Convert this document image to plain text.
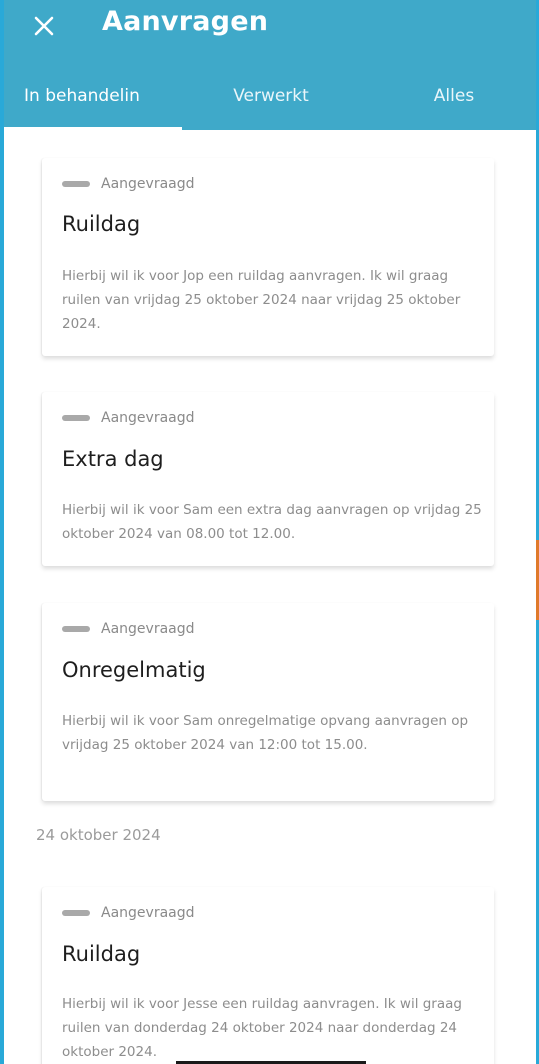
Aanvragen
In behandelin	Verwerkt	Alles
Aangevraagd
Ruildag
Hierbij wil ik voor Jop een ruildag aanvragen. Ik wil graag ruilen van vrijdag 25 oktober 2024 naar vrijdag 25 oktober 2024.
Aangevraagd
Extra dag
Hierbij wil ik voor Sam een extra dag aanvragen op vrijdag 25 oktober 2024 van 08.00 tot 12.00.
Aangevraagd
Onregelmatig
Hierbij wil ik voor Sam onregelmatige opvang aanvragen op vrijdag 25 oktober 2024 van 12:00 tot 15.00.
24 oktober 2024
Aangevraagd
Ruildag
Hierbij wil ik voor Jesse een ruildag aanvragen. Ik wil graag ruilen van donderdag 24 oktober 2024 naar donderdag 24 oktober 2024.
